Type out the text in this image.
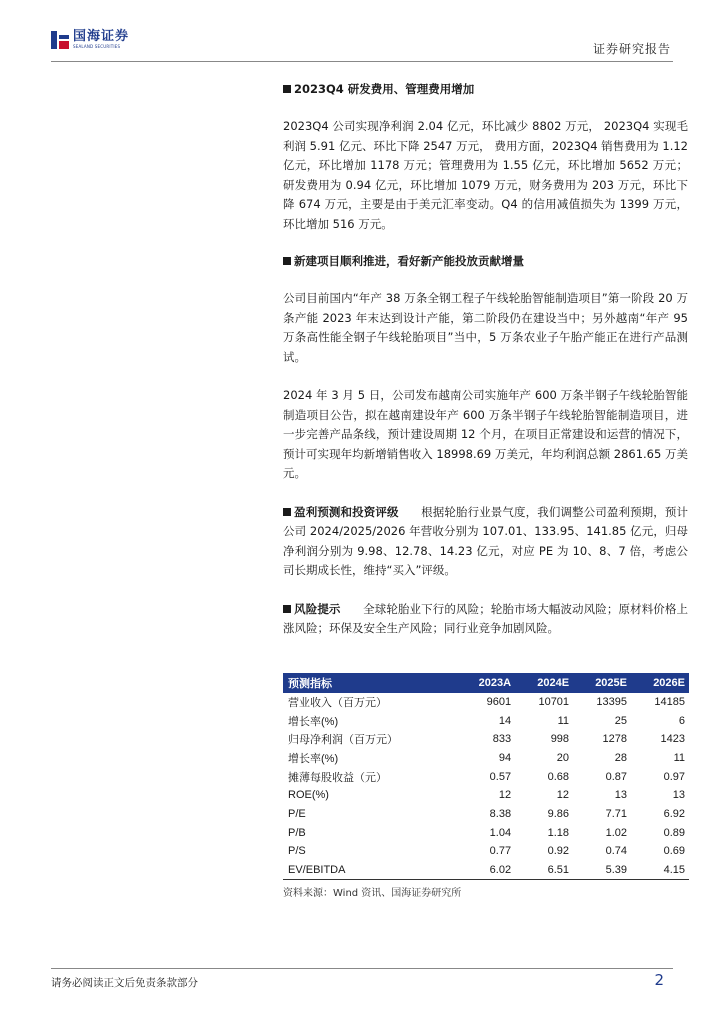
国海证券
SEALAND SECURITIES	证券研究报告

2023Q4 研发费用、管理费用增加

2023Q4 公司实现净利润 2.04 亿元，环比减少 8802 万元， 2023Q4 实现毛利润 5.91 亿元、环比下降 2547 万元， 费用方面，2023Q4 销售费用为 1.12 亿元，环比增加 1178 万元；管理费用为 1.55 亿元，环比增加 5652 万元；研发费用为 0.94 亿元，环比增加 1079 万元，财务费用为 203 万元，环比下降 674 万元，主要是由于美元汇率变动。Q4 的信用减值损失为 1399 万元，环比增加 516 万元。

新建项目顺利推进，看好新产能投放贡献增量

公司目前国内“年产 38 万条全钢工程子午线轮胎智能制造项目”第一阶段 20 万条产能 2023 年末达到设计产能，第二阶段仍在建设当中；另外越南“年产 95 万条高性能全钢子午线轮胎项目”当中，5 万条农业子午胎产能正在进行产品测试。

2024 年 3 月 5 日，公司发布越南公司实施年产 600 万条半钢子午线轮胎智能制造项目公告，拟在越南建设年产 600 万条半钢子午线轮胎智能制造项目，进一步完善产品条线，预计建设周期 12 个月，在项目正常建设和运营的情况下，预计可实现年均新增销售收入 18998.69 万美元，年均利润总额 2861.65 万美元。

盈利预测和投资评级 根据轮胎行业景气度，我们调整公司盈利预期，预计公司 2024/2025/2026 年营收分别为 107.01、133.95、141.85 亿元，归母净利润分别为 9.98、12.78、14.23 亿元，对应 PE 为 10、8、7 倍，考虑公司长期成长性，维持“买入”评级。

风险提示 全球轮胎业下行的风险；轮胎市场大幅波动风险；原材料价格上涨风险；环保及安全生产风险；同行业竞争加剧风险。

预测指标	2023A	2024E	2025E	2026E
营业收入（百万元）	9601	10701	13395	14185
增长率(%)	14	11	25	6
归母净利润（百万元）	833	998	1278	1423
增长率(%)	94	20	28	11
摊薄每股收益（元）	0.57	0.68	0.87	0.97
ROE(%)	12	12	13	13
P/E	8.38	9.86	7.71	6.92
P/B	1.04	1.18	1.02	0.89
P/S	0.77	0.92	0.74	0.69
EV/EBITDA	6.02	6.51	5.39	4.15
资料来源：Wind 资讯、国海证券研究所
请务必阅读正文后免责条款部分	2
